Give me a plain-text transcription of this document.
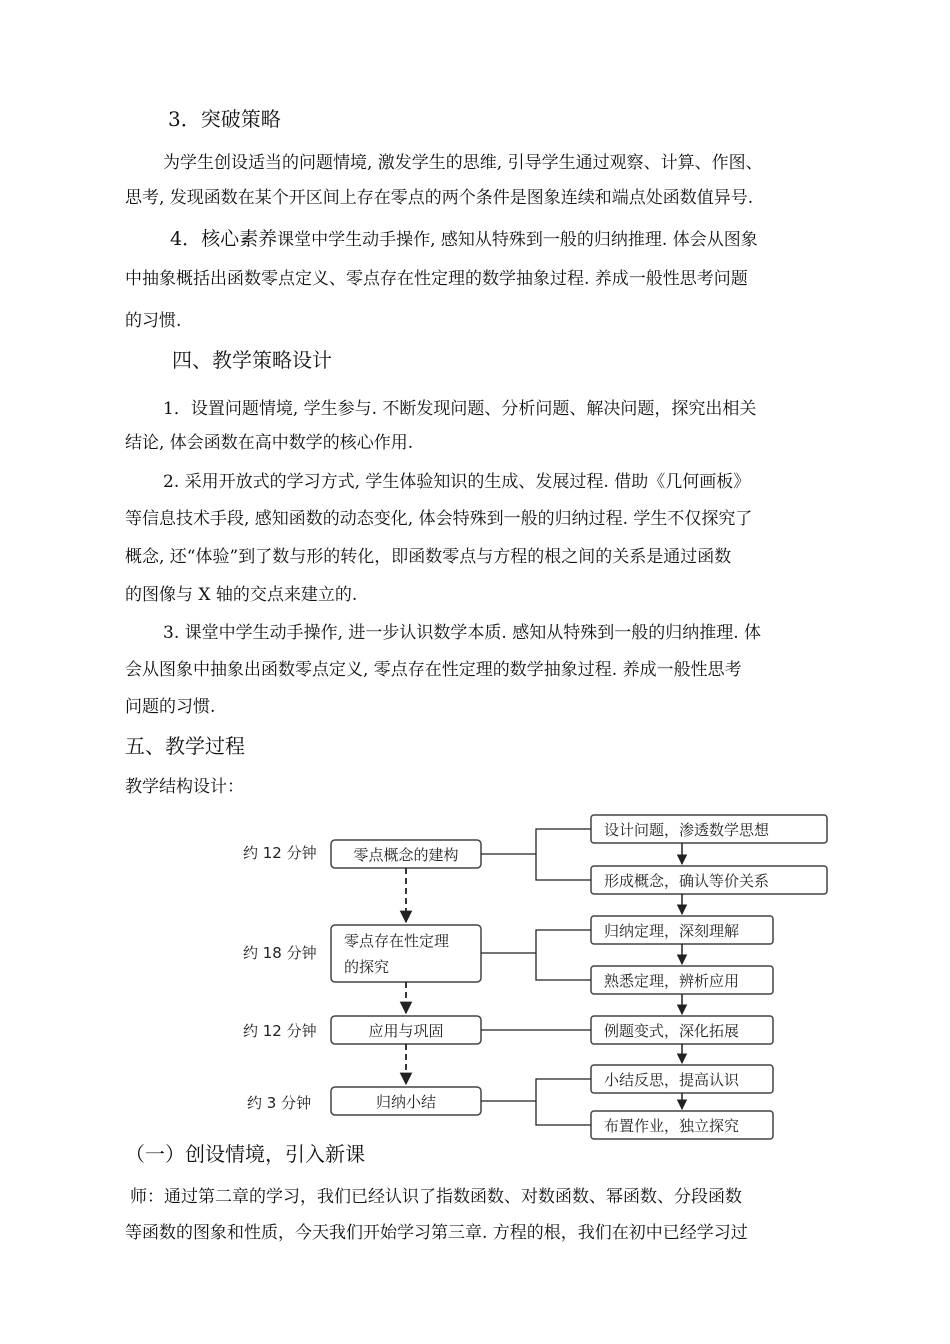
3．突破策略
为学生创设适当的问题情境, 激发学生的思维, 引导学生通过观察、计算、作图、
思考, 发现函数在某个开区间上存在零点的两个条件是图象连续和端点处函数值异号.
4．核心素养课堂中学生动手操作, 感知从特殊到一般的归纳推理. 体会从图象
中抽象概括出函数零点定义、零点存在性定理的数学抽象过程. 养成一般性思考问题
的习惯.
四、教学策略设计
1．设置问题情境, 学生参与. 不断发现问题、分析问题、解决问题，探究出相关
结论, 体会函数在高中数学的核心作用.
2. 采用开放式的学习方式, 学生体验知识的生成、发展过程. 借助《几何画板》
等信息技术手段, 感知函数的动态变化, 体会特殊到一般的归纳过程. 学生不仅探究了
概念, 还“体验”到了数与形的转化，即函数零点与方程的根之间的关系是通过函数
的图像与 X 轴的交点来建立的.
3. 课堂中学生动手操作, 进一步认识数学本质. 感知从特殊到一般的归纳推理. 体
会从图象中抽象出函数零点定义, 零点存在性定理的数学抽象过程. 养成一般性思考
问题的习惯.
五、教学过程
教学结构设计：
约 12 分钟
约 18 分钟
约 12 分钟
约 3 分钟
零点概念的建构
零点存在性定理
的探究
应用与巩固
归纳小结
设计问题，渗透数学思想
形成概念，确认等价关系
归纳定理，深刻理解
熟悉定理，辨析应用
例题变式，深化拓展
小结反思，提高认识
布置作业，独立探究
（一）创设情境，引入新课
师：通过第二章的学习，我们已经认识了指数函数、对数函数、幂函数、分段函数
等函数的图象和性质，今天我们开始学习第三章. 方程的根，我们在初中已经学习过
